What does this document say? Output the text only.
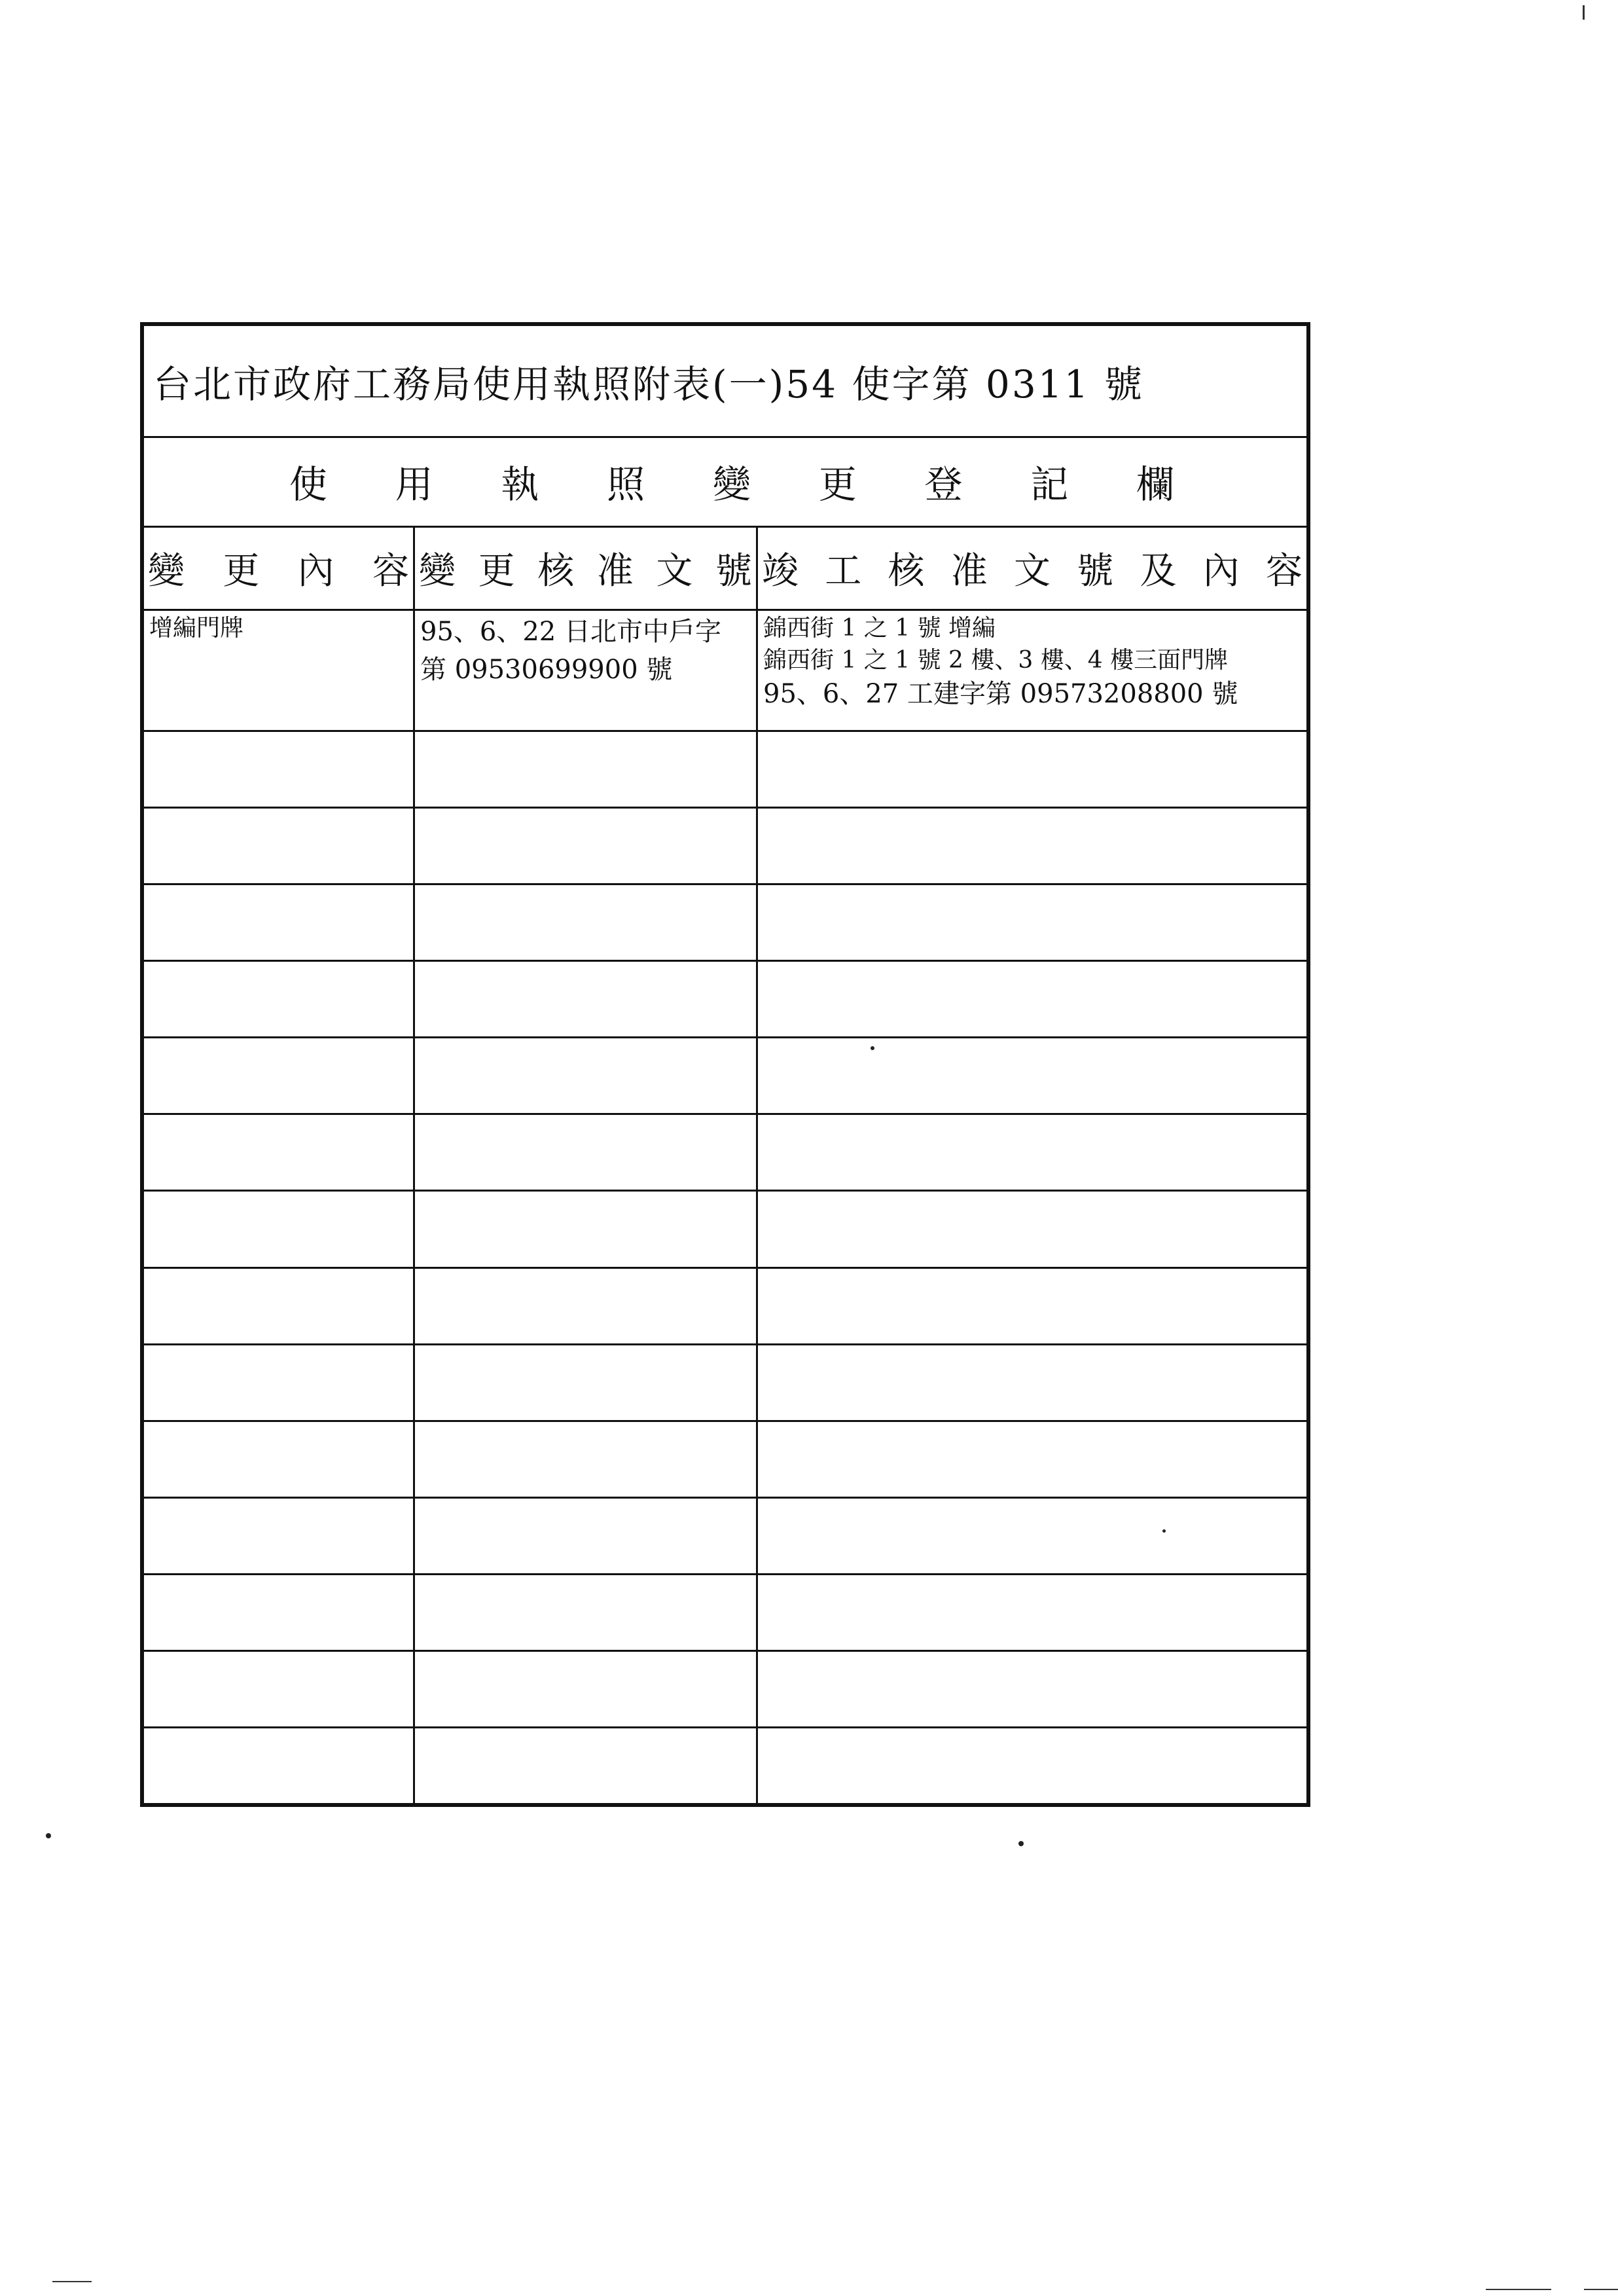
台北市政府工務局使用執照附表(一)54 使字第 0311 號
使 用 執 照 變 更 登 記 欄
變 更 內 容 變 更 核 准 文 號 竣 工 核 准 文 號 及 內 容
增編門牌	95、6、22 日北市中戶字
第 09530699900 號
錦西街 1 之 1 號 增編
錦西街 1 之 1 號 2 樓、3 樓、4 樓三面門牌
95、6、27 工建字第 09573208800 號
